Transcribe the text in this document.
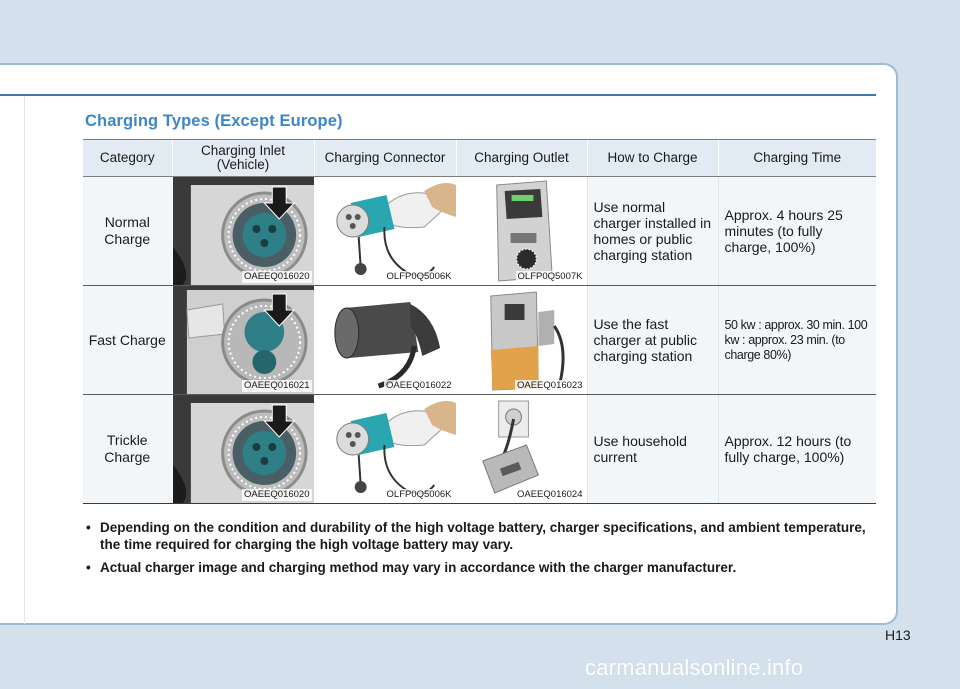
Charging Types (Except Europe)
Category	Charging Inlet (Vehicle)	Charging Connector	Charging Outlet	How to Charge	Charging Time
Normal Charge	OAEEQ016020	OLFP0Q5006K	OLFP0Q5007K	Use normal charger installed in homes or public charging station	Approx. 4 hours 25 minutes (to fully charge, 100%)
Fast Charge	OAEEQ016021	OAEEQ016022	OAEEQ016023	Use the fast charger at public charging station	50 kw : approx. 30 min. 100 kw : approx. 23 min. (to charge 80%)
Trickle Charge	OAEEQ016020	OLFP0Q5006K	OAEEQ016024	Use household current	Approx. 12 hours (to fully charge, 100%)
• Depending on the condition and durability of the high voltage battery, charger specifications, and ambient temperature, the time required for charging the high voltage battery may vary.
• Actual charger image and charging method may vary in accordance with the charger manufacturer.
H13
carmanualsonline.info
